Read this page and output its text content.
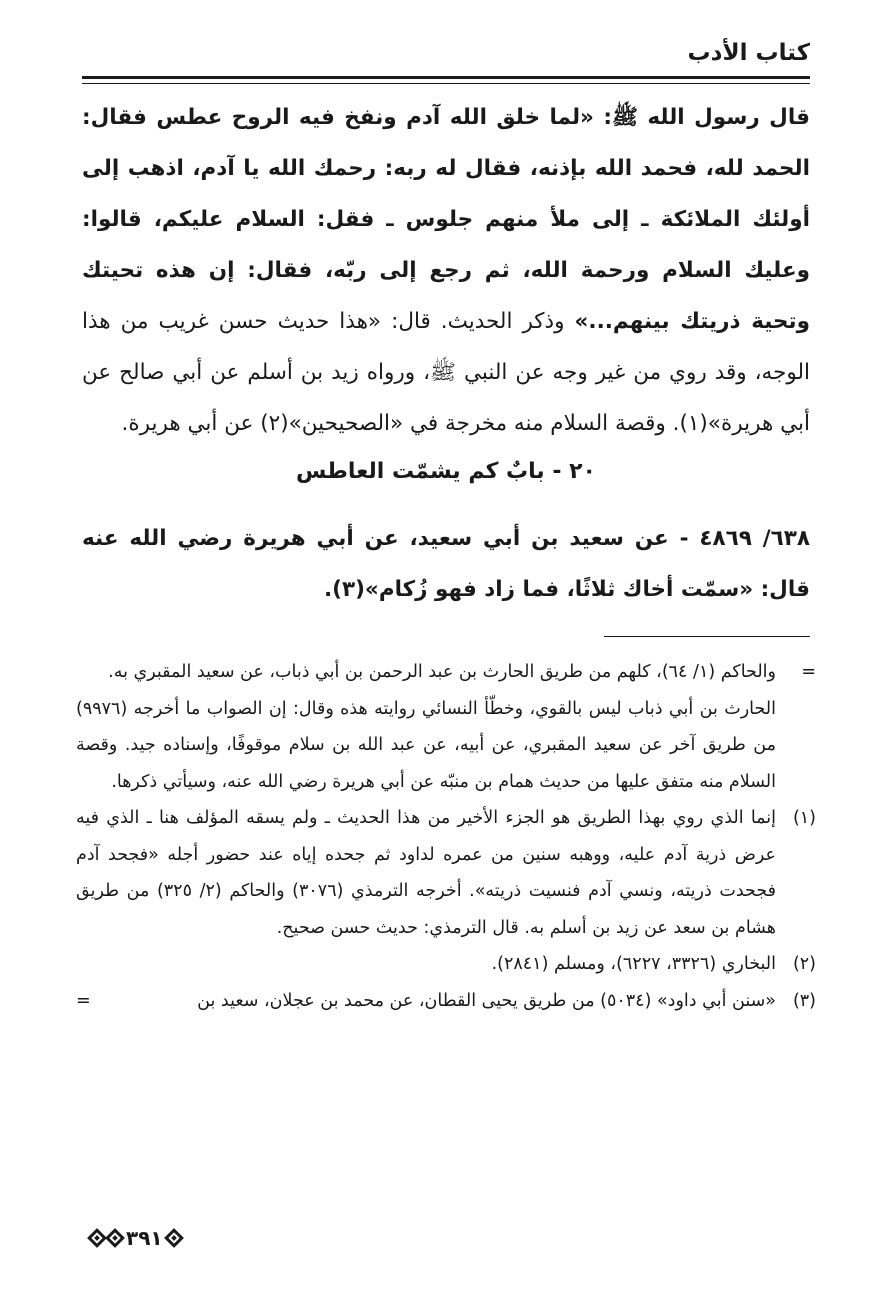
كتاب الأدب

قال رسول الله ﷺ: «لما خلق الله آدم ونفخ فيه الروح عطس فقال: الحمد لله، فحمد الله بإذنه، فقال له ربه: رحمك الله يا آدم، اذهب إلى أولئك الملائكة ـ إلى ملأ منهم جلوس ـ فقل: السلام عليكم، قالوا: وعليك السلام ورحمة الله، ثم رجع إلى ربّه، فقال: إن هذه تحيتك وتحية ذريتك بينهم...» وذكر الحديث. قال: «هذا حديث حسن غريب من هذا الوجه، وقد روي من غير وجه عن النبي ﷺ، ورواه زيد بن أسلم عن أبي صالح عن أبي هريرة»(١). وقصة السلام منه مخرجة في «الصحيحين»(٢) عن أبي هريرة.

٢٠ - بابٌ كم يشمّت العاطس

٦٣٨/ ٤٨٦٩ - عن سعيد بن أبي سعيد، عن أبي هريرة رضي الله عنه قال: «سمّت أخاك ثلاثًا، فما زاد فهو زُكام»(٣).

=

والحاكم (١/ ٦٤)، كلهم من طريق الحارث بن عبد الرحمن بن أبي ذباب، عن سعيد المقبري به.

الحارث بن أبي ذباب ليس بالقوي، وخطّأ النسائي روايته هذه وقال: إن الصواب ما أخرجه (٩٩٧٦) من طريق آخر عن سعيد المقبري، عن أبيه، عن عبد الله بن سلام موقوفًا، وإسناده جيد. وقصة السلام منه متفق عليها من حديث همام بن منبّه عن أبي هريرة رضي الله عنه، وسيأتي ذكرها.

(١)

إنما الذي روي بهذا الطريق هو الجزء الأخير من هذا الحديث ـ ولم يسقه المؤلف هنا ـ الذي فيه عرض ذرية آدم عليه، ووهبه سنين من عمره لداود ثم جحده إياه عند حضور أجله «فجحد آدم فجحدت ذريته، ونسي آدم فنسيت ذريته». أخرجه الترمذي (٣٠٧٦) والحاكم (٢/ ٣٢٥) من طريق هشام بن سعد عن زيد بن أسلم به. قال الترمذي: حديث حسن صحيح.

(٢)

البخاري (٣٣٢٦، ٦٢٢٧)، ومسلم (٢٨٤١).

(٣)

«سنن أبي داود» (٥٠٣٤) من طريق يحيى القطان، عن محمد بن عجلان، سعيد بن

=
٣٩١
